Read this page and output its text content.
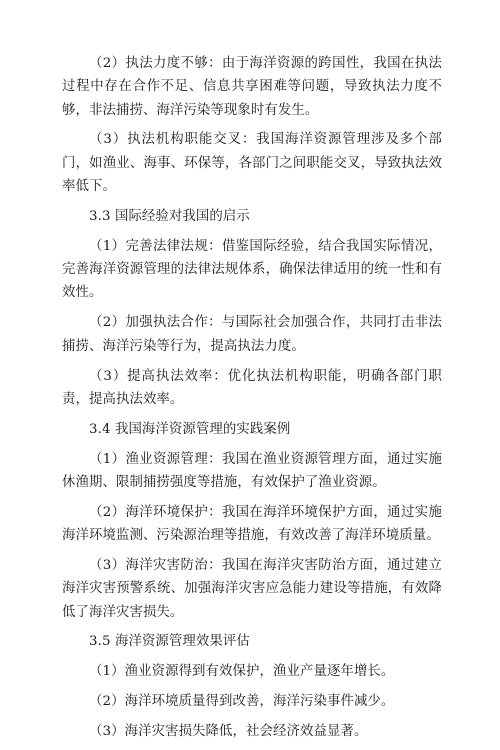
（2）执法力度不够：由于海洋资源的跨国性，我国在执法过程中存在合作不足、信息共享困难等问题，导致执法力度不够，非法捕捞、海洋污染等现象时有发生。

（3）执法机构职能交叉：我国海洋资源管理涉及多个部门，如渔业、海事、环保等，各部门之间职能交叉，导致执法效率低下。

3.3 国际经验对我国的启示

（1）完善法律法规：借鉴国际经验，结合我国实际情况，完善海洋资源管理的法律法规体系，确保法律适用的统一性和有效性。

（2）加强执法合作：与国际社会加强合作，共同打击非法捕捞、海洋污染等行为，提高执法力度。

（3）提高执法效率：优化执法机构职能，明确各部门职责，提高执法效率。

3.4 我国海洋资源管理的实践案例

（1）渔业资源管理：我国在渔业资源管理方面，通过实施休渔期、限制捕捞强度等措施，有效保护了渔业资源。

（2）海洋环境保护：我国在海洋环境保护方面，通过实施海洋环境监测、污染源治理等措施，有效改善了海洋环境质量。

（3）海洋灾害防治：我国在海洋灾害防治方面，通过建立海洋灾害预警系统、加强海洋灾害应急能力建设等措施，有效降低了海洋灾害损失。

3.5 海洋资源管理效果评估

（1）渔业资源得到有效保护，渔业产量逐年增长。

（2）海洋环境质量得到改善，海洋污染事件减少。

（3）海洋灾害损失降低，社会经济效益显著。
